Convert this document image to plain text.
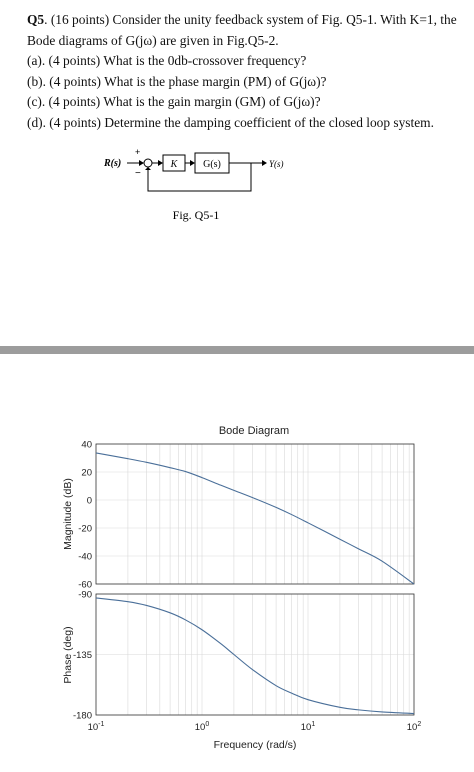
Q5. (16 points) Consider the unity feedback system of Fig. Q5-1. With K=1, the Bode diagrams of G(jω) are given in Fig.Q5-2.

(a). (4 points) What is the 0db-crossover frequency?

(b). (4 points) What is the phase margin (PM) of G(jω)?

(c). (4 points) What is the gain margin (GM) of G(jω)?

(d). (4 points) Determine the damping coefficient of the closed loop system.

R(s)
+
−
K	G(s)	Y(s)
Fig. Q5-1
Bode Diagram
40
20
0
-20
-40
-60
-90
-135
-180
$10^{-1}$	$10^0$	$10^1$	$10^2$
Magnitude (dB)
Phase (deg)
Frequency (rad/s)
